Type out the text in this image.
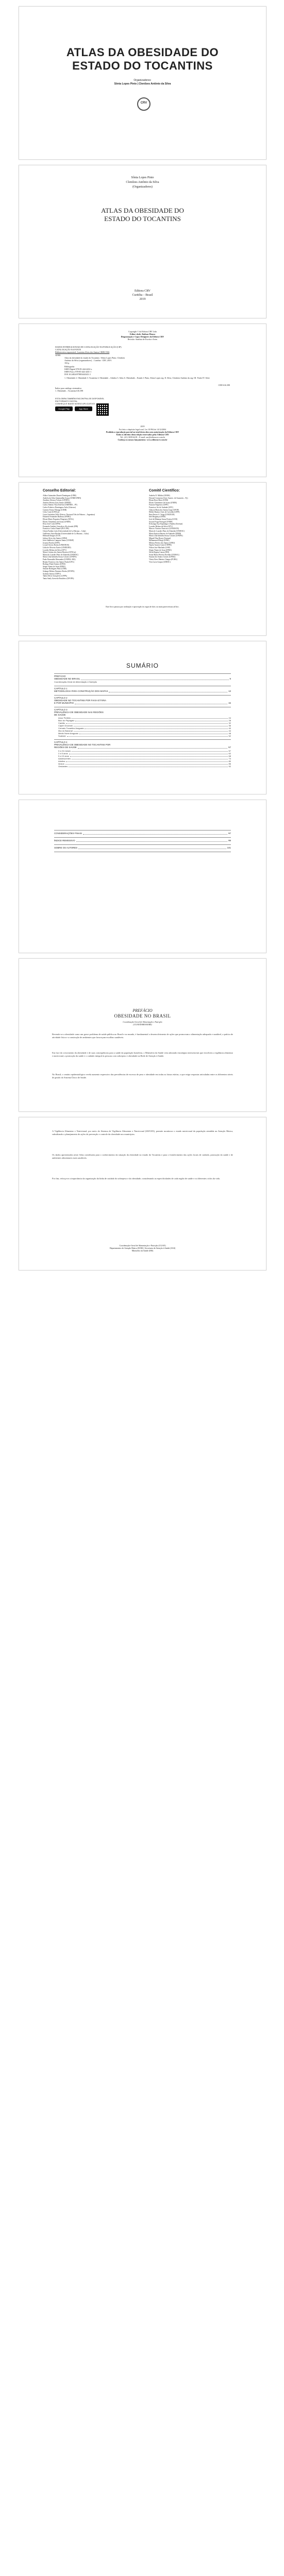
ATLAS DA OBESIDADE DO
ESTADO DO TOCANTINS
Organizadores:
Sônia Lopes Pinto | Clenilzes Antônio da Silva
CRV
Sônia Lopes Pinto
Clenilzes Antônio da Silva
(Organizadores)
ATLAS DA OBESIDADE DO
ESTADO DO TOCANTINS
Editora CRV
Curitiba – Brasil
2019
Copyright © da Editora CRV Ltda
Editor-chefe: Railson Moura
Diagramação e Capa: Designers da Editora CRV
Revisão: Analista de Escrita e Artes
DADOS INTERNACIONAIS DE CATALOGAÇÃO NA PUBLICAÇÃO (CIP)
CATALOGAÇÃO NA FONTE
Bibliotecária responsável: Luzenira Alves dos Santos CRB9/1506
AT881
Atlas da obesidade do estado do Tocantins / Sônia Lopes Pinto, Clenilzes
Antônio da Silva (organizadores) – Curitiba : CRV, 2019.
104 p.
Bibliografia
ISBN Digital 978-85-444-4432-x
ISBN Físico 978-85-444-4431-1
DOI 10.24824/978854443431.1
1. Obesidade 2. Obesidade 3. Tocantins 4. Obesidade – Adultos 5. Atlas 6. Obesidade – Estado I. Pinto, Sônia Lopes org. II. Silva, Clenilzes Antônio da org. III. Título IV. Série
CDD 616.398
Índice para catálogo sistemático
1. Obesidade – Tocantins 616.398
ESTA OBRA TAMBÉM ENCONTRA-SE DISPONÍVEL
EM FORMATO DIGITAL.
CONHEÇA E BAIXE NOSSO APLICATIVO!
Google Play	App Store
2019
Foi feito o depósito legal conf. Lei 10.994 de 14/12/2004
Proibida a reprodução parcial ou total desta obra sem autorização da Editora CRV
Todos os direitos desta edição reservados pela: Editora CRV
Tel.: (41) 3039-6418 – E-mail: sac@editoracrv.com.br
Conheça os nossos lançamentos: www.editoracrv.com.br
Conselho Editorial:
Aldira Guimarães Duarte Domínguez (UNB)
Andréia da Silva Quintanilha Sousa (UNIR/UFRN)
Anselmo Alencar Colares (UFOPA)
Antônio Pereira Gaio Júnior (UFRRJ)
Carlos Alberto Vilar Estêvão (UMINHO – PT)
Carlos Federico Domínguez Avila (Unieuro)
Carmen Tereza Velanga (UNIR)
Celso Conti (UFSCar)
Cesar Gerónimo Tello (Univer .Nacional Três de Febrero – Argentina)
Eduardo Fernandes Barbosa (UFMG)
Elione Maria Nogueira Diogenes (UFAL)
Elizeu Clementino de Souza (UNEB)
Élsio José Corá (UFFS)
Fernando Antônio Gonçalves Alcoforado (IPB)
Francisco Carlos Duarte (PUC-PR)
Gloria Fariñas León (Universidade de La Havana – Cuba)
Guillermo Arias Beatón (Universidade de La Havana – Cuba)
Helmuth Krüger (UCP)
Jailson Alves dos Santos (UFRJ)
João Adalberto Campato Junior (UNESP)
Josania Portela (UFPI)
Leonel Severo Rocha (UNISINOS)
Lídia de Oliveira Xavier (UNIEURO)
Lourdes Helena da Silva (UFV)
Maria Cristina dos Santos Bezerra (UFSCar)
Maria de Lourdes Pinto de Almeida (UNOESC)
Maria Lília Imbiriba Sousa Colares (UFOPA)
Paulo Romualdo Hernandes (UNIFAL-MG)
Renato Francisco dos Santos Paula (UFG)
Rodrigo Pratte-Santos (UFES)
Sérgio Nunes de Jesus (IFRO)
Simone Rodrigues Pinto (UNB)
Solange Helena Ximenes-Rocha (UFOPA)
Sydione Santos (UEPG)
Tadeu Oliver Gonçalves (UFPA)
Tania Suely Azevedo Brasileiro (UFOPA)
Comitê Científico:
Andréia N. Militão (UEMS)
Diosnel Centurion (Univ Americ. de Asunción – Py)
Eliane Rose Maio (UEM)
Elizeu Clementino de Souza (UNEB)
Fauston Negreiros (UFPI)
Francisco Ari de Andrade (UFC)
Gláucia Maria dos Santos Jorge (UFOP)
Helder Buenos Aires de Carvalho (UFPI)
Ilma Passos A. Veiga (UNICEUB)
Inês Bragança (UERJ)
José de Ribamar Sousa Pereira (UCB)
Jussara Fraga Portugal (UNEB)
Kilwangy Kya Kapitango-a-Samba (Unemat)
Lourdes Helena da Silva (UFV)
Marcos Vinicius Francisco (UNOESTE)
Maria de Lourdes Pinto de Almeida (UNOESC)
Maria Eurácia Barreto de Andrade (UFRB)
Maria Lília Imbiriba Sousa Colares (UFOPA)
Míguel Díaz Rosas (Unemat)
Mohammed Elhajji (UFRJ)
Mônica Pereira dos Santos (UFRJ)
Najela Tavares Ujiie (UTFPR)
Nilson José Machado (USP)
Sérgio Nunes de Jesus (IFRO)
Silvia Regina Canan (URI)
Sonia Maria Ferreira Koehler (UNISAL)
Suzana dos Santos Gomes (UFMG)
Vânia Alves Martins Chaigar (FURG)
Vera Lucia Gaspar (UDESC)
Este livro passou por avaliação e aprovação às cegas de dois ou mais pareceristas ad hoc.
SUMÁRIO
PREFÁCIO
OBESIDADE NO BRASIL	9
Coordenação-Geral de Alimentação e Nutrição
CAPÍTULO 1
METODOLOGIA PARA CONSTRUÇÃO DOS MAPAS	13
CAPÍTULO 2
OBESIDADE NO TOCANTINS POR FAIXA ETÁRIA
E POR MUNICÍPIO	15
CAPÍTULO 3
PREVALÊNCIA DE OBESIDADE NAS REGIÕES
DE SAÚDE
Amor Perfeito	24
Bico do Papagaio	28
Cantão	32
Capim Dourado	36
Cerrado Tocantins Araguaia	40
Ilha do Bananal	44
Médio Norte Araguaia	48
Sudeste	52
CAPÍTULO 4
PREVALÊNCIA DE OBESIDADE NO TOCANTINS POR
REGIÕES DE SAÚDE	57
0 a 24 meses	57
2 a 5 anos	62
5 a 10 anos	68
Adolescentes	74
Adultos	80
Idosos	86
Gestantes	92
CONSIDERAÇÕES FINAIS	97
ÍNDICE REMISSIVO	99
SOBRE OS AUTORES	101
PREFÁCIO
OBESIDADE NO BRASIL
Coordenação-Geral de Alimentação e Nutrição
(CGAN/DAB/SAS/MS)
Revendo-se a obesidade como um grave problema de saúde pública no Brasil e no mundo, é fundamental o desenvolvimento de ações que promovam a alimentação adequada e saudável, a prática de atividade física e a construção de ambientes que favoreçam escolhas saudáveis.
Em face do crescimento da obesidade e de suas consequências para a saúde da população brasileira, o Ministério da Saúde vem adotando estratégias intersetoriais que envolvem a vigilância alimentar e nutricional, a promoção da saúde e o cuidado integral às pessoas com sobrepeso e obesidade na Rede de Atenção à Saúde.
No Brasil, o cenário epidemiológico revela aumento expressivo das prevalências de excesso de peso e obesidade em todas as faixas etárias, o que exige respostas articuladas entre os diferentes níveis de gestão do Sistema Único de Saúde.
A Vigilância Alimentar e Nutricional, por meio do Sistema de Vigilância Alimentar e Nutricional (SISVAN), permite monitorar o estado nutricional da população atendida na Atenção Básica, subsidiando o planejamento de ações de prevenção e controle da obesidade nos municípios.
Os dados apresentados neste Atlas contribuem para o conhecimento da situação da obesidade no estado do Tocantins e para o fortalecimento das ações locais de cuidado, promoção da saúde e de ambientes alimentares mais saudáveis.
Por fim, reforça-se a importância da organização da linha de cuidado do sobrepeso e da obesidade, considerando as especificidades de cada região de saúde e os diferentes ciclos da vida.
Coordenação-Geral de Alimentação e Nutrição (CGAN)
Departamento de Atenção Básica (DAB) | Secretaria de Atenção à Saúde (SAS)
Ministério da Saúde (MS)
